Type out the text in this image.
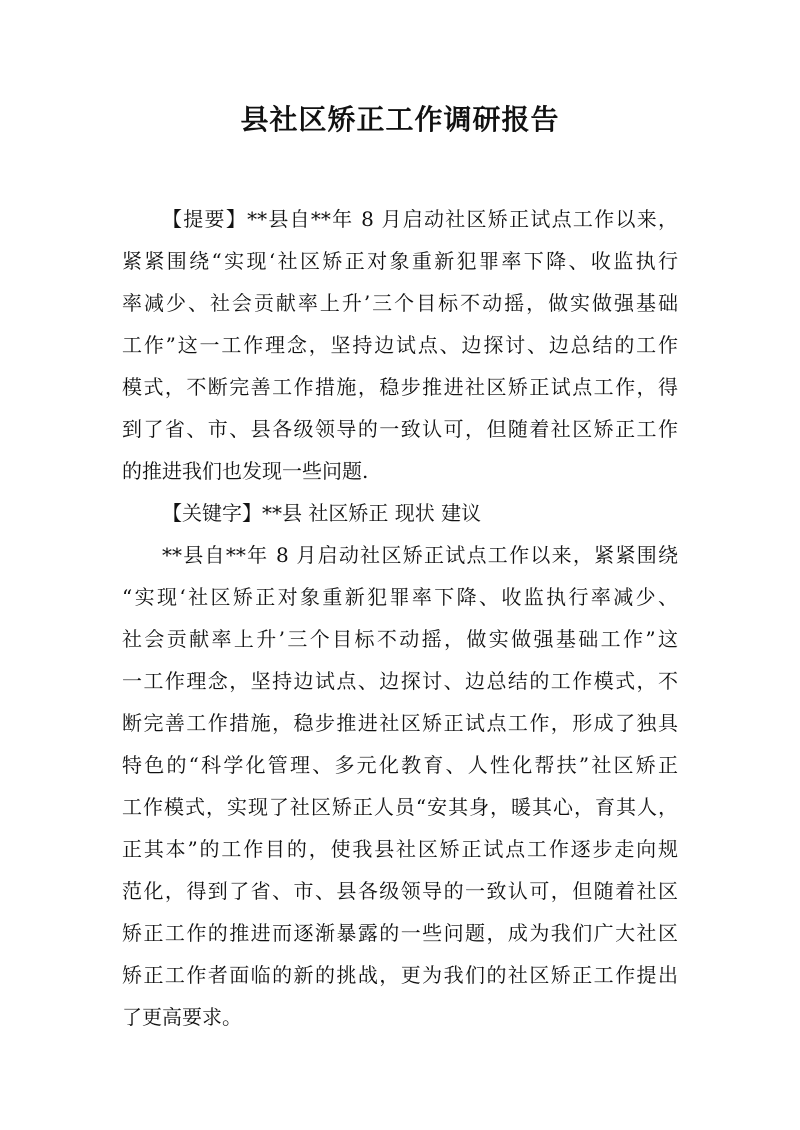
县社区矫正工作调研报告
【提要】**县自**年 8 月启动社区矫正试点工作以来，
紧紧围绕“实现‘社区矫正对象重新犯罪率下降、收监执行
率减少、社会贡献率上升’三个目标不动摇，做实做强基础
工作”这一工作理念，坚持边试点、边探讨、边总结的工作
模式，不断完善工作措施，稳步推进社区矫正试点工作，得
到了省、市、县各级领导的一致认可，但随着社区矫正工作
的推进我们也发现一些问题.
【关键字】**县 社区矫正 现状 建议
**县自**年 8 月启动社区矫正试点工作以来，紧紧围绕
“实现‘社区矫正对象重新犯罪率下降、收监执行率减少、
社会贡献率上升’三个目标不动摇，做实做强基础工作”这
一工作理念，坚持边试点、边探讨、边总结的工作模式，不
断完善工作措施，稳步推进社区矫正试点工作，形成了独具
特色的“科学化管理、多元化教育、人性化帮扶”社区矫正
工作模式，实现了社区矫正人员“安其身，暖其心，育其人，
正其本”的工作目的，使我县社区矫正试点工作逐步走向规
范化，得到了省、市、县各级领导的一致认可，但随着社区
矫正工作的推进而逐渐暴露的一些问题，成为我们广大社区
矫正工作者面临的新的挑战，更为我们的社区矫正工作提出
了更高要求。
